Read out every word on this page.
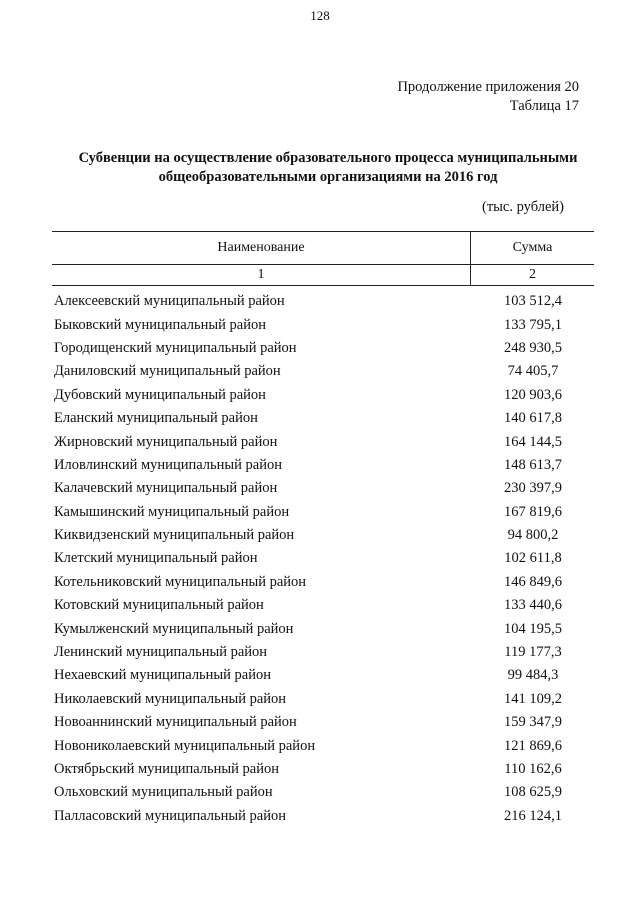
128
Продолжение приложения 20
Таблица 17
Субвенции на осуществление образовательного процесса муниципальными
общеобразовательными организациями на 2016 год
(тыс. рублей)
Наименование	Сумма
1	2
Алексеевский муниципальный район	103 512,4
Быковский муниципальный район	133 795,1
Городищенский муниципальный район	248 930,5
Даниловский муниципальный район	74 405,7
Дубовский муниципальный район	120 903,6
Еланский муниципальный район	140 617,8
Жирновский муниципальный район	164 144,5
Иловлинский муниципальный район	148 613,7
Калачевский муниципальный район	230 397,9
Камышинский муниципальный район	167 819,6
Киквидзенский муниципальный район	94 800,2
Клетский муниципальный район	102 611,8
Котельниковский муниципальный район	146 849,6
Котовский муниципальный район	133 440,6
Кумылженский муниципальный район	104 195,5
Ленинский муниципальный район	119 177,3
Нехаевский муниципальный район	99 484,3
Николаевский муниципальный район	141 109,2
Новоаннинский муниципальный район	159 347,9
Новониколаевский муниципальный район	121 869,6
Октябрьский муниципальный район	110 162,6
Ольховский муниципальный район	108 625,9
Палласовский муниципальный район	216 124,1
